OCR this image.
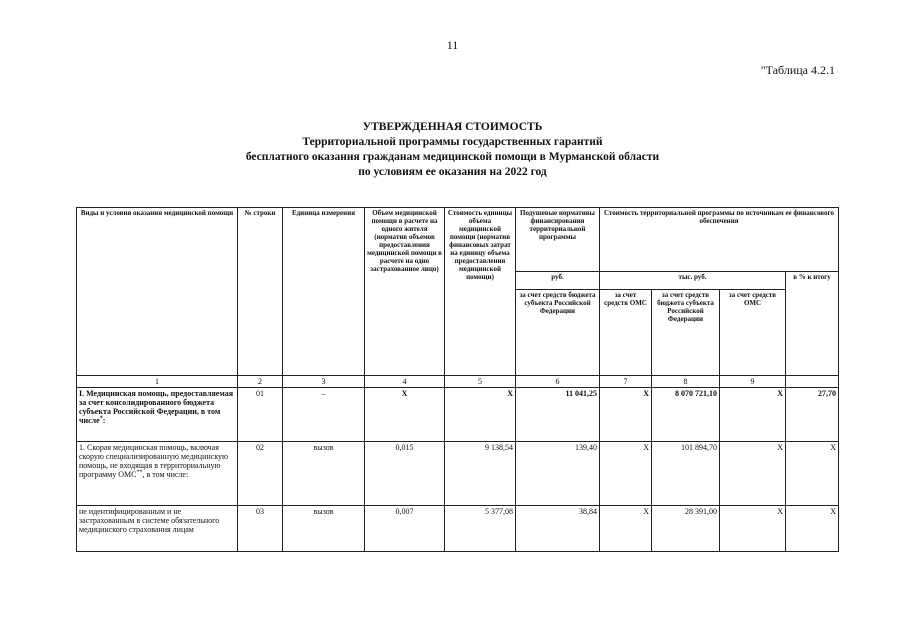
11
"Таблица 4.2.1
УТВЕРЖДЕННАЯ СТОИМОСТЬ
Территориальной программы государственных гарантий
бесплатного оказания гражданам медицинской помощи в Мурманской области
по условиям ее оказания на 2022 год
Виды и условия оказания медицинской помощи	№ строки	Единица измерения	Объем медицинской помощи в расчете на одного жителя (норматив объемов предоставления медицинской помощи в расчете на одно застрахованное лицо)	Стоимость единицы объема медицинской помощи (норматив финансовых затрат на единицу объема предоставления медицинской помощи)	Подушевые нормативы финансирования территориальной программы	Стоимость территориальной программы по источникам ее финансового обеспечения			
					руб.	тыс. руб.			в % к итогу
					за счет средств бюджета субъекта Российской Федерации	за счет средств ОМС	за счет средств бюджета субъекта Российской Федерации	за счет средств ОМС	
1	2	3	4	5	6	7	8	9	
I. Медицинская помощь, предоставляемая за счет консолидированного бюджета субъекта Российской Федерации, в том числе*:	01	–	Х	Х	11 041,25	Х	8 070 721,10	Х	27,70
1. Скорая медицинская помощь, включая скорую специализированную медицинскую помощь, не входящая в территориальную программу ОМС**, в том числе:	02	вызов	0,015	9 138,54	139,40	Х	101 894,70	Х	Х
не идентифицированным и не застрахованным в системе обязательного медицинского страхования лицам	03	вызов	0,007	5 377,08	38,84	Х	28 391,00	Х	Х
